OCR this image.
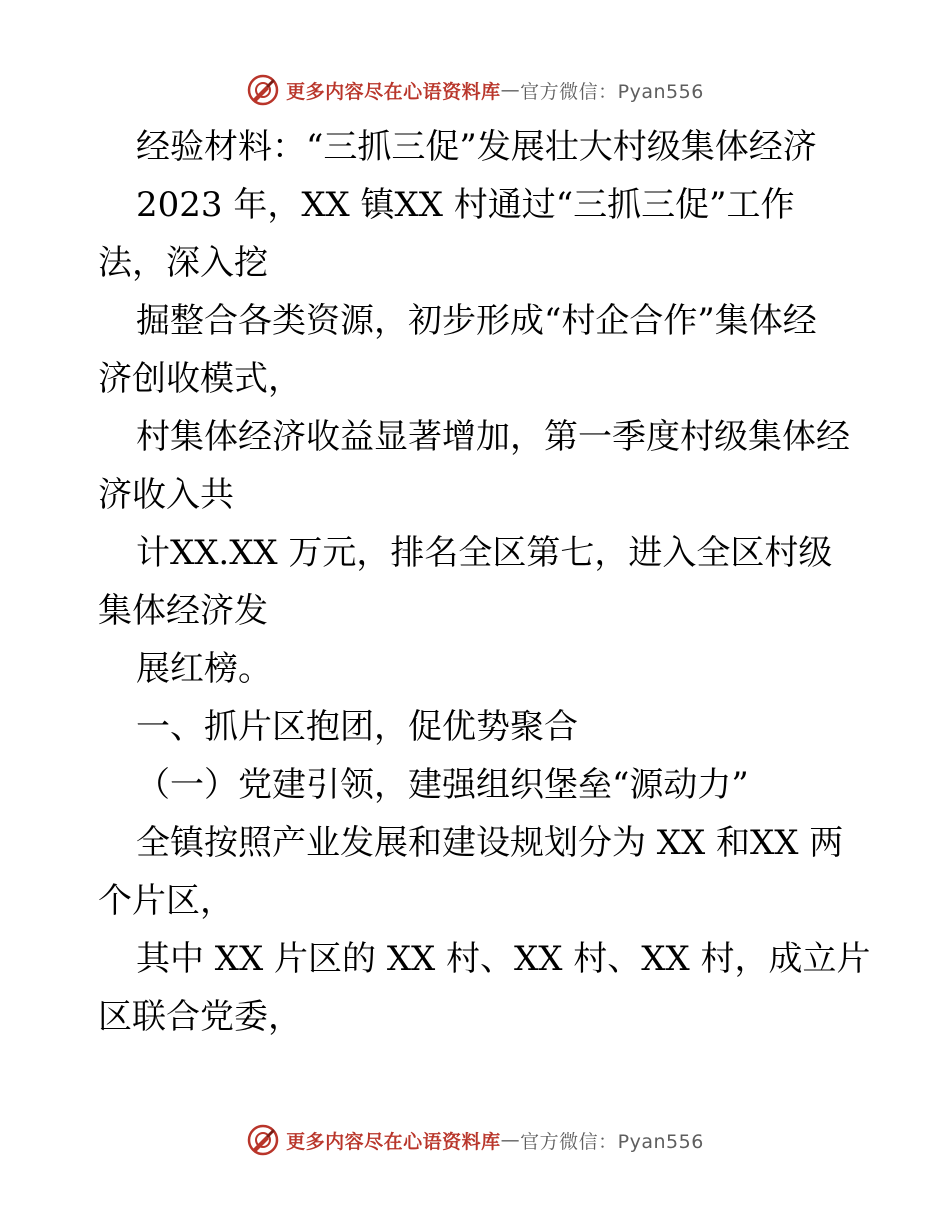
更多内容尽在心语资料库 — 官方微信：Pyan556

经验材料：“三抓三促”发展壮大村级集体经济

2023 年，XX 镇XX 村通过“三抓三促”工作
法，深入挖

掘整合各类资源，初步形成“村企合作”集体经
济创收模式，

村集体经济收益显著增加，第一季度村级集体经
济收入共

计XX.XX 万元，排名全区第七，进入全区村级
集体经济发

展红榜。

一、抓片区抱团，促优势聚合

（一）党建引领，建强组织堡垒“源动力”

全镇按照产业发展和建设规划分为 XX 和XX 两
个片区，

其中 XX 片区的 XX 村、XX 村、XX 村，成立片
区联合党委，

更多内容尽在心语资料库 — 官方微信：Pyan556
